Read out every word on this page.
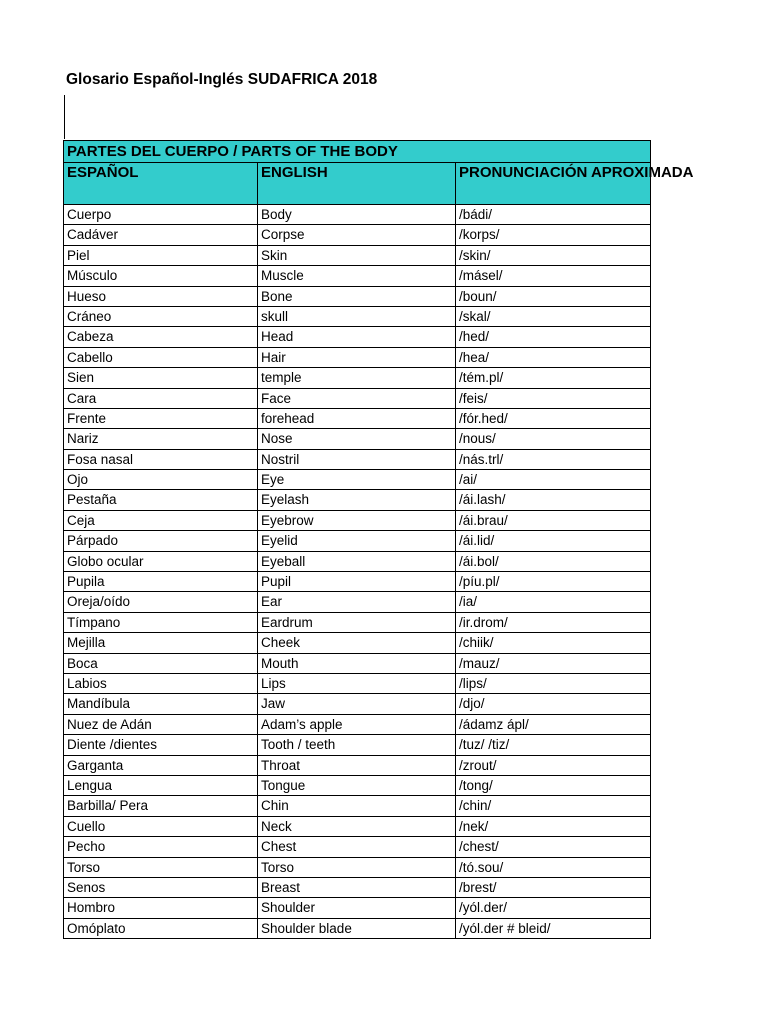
Glosario Español-Inglés SUDAFRICA 2018
PARTES DEL CUERPO / PARTS OF THE BODY		
ESPAÑOL	ENGLISH	PRONUNCIACIÓN APROXIMADA
Cuerpo	Body	/bádi/
Cadáver	Corpse	/korps/
Piel	Skin	/skin/
Músculo	Muscle	/másel/
Hueso	Bone	/boun/
Cráneo	skull	/skal/
Cabeza	Head	/hed/
Cabello	Hair	/hea/
Sien	temple	/tém.pl/
Cara	Face	/feis/
Frente	forehead	/fór.hed/
Nariz	Nose	/nous/
Fosa nasal	Nostril	/nás.trl/
Ojo	Eye	/ai/
Pestaña	Eyelash	/ái.lash/
Ceja	Eyebrow	/ái.brau/
Párpado	Eyelid	/ái.lid/
Globo ocular	Eyeball	/ái.bol/
Pupila	Pupil	/píu.pl/
Oreja/oído	Ear	/ia/
Tímpano	Eardrum	/ir.drom/
Mejilla	Cheek	/chiik/
Boca	Mouth	/mauz/
Labios	Lips	/lips/
Mandíbula	Jaw	/djo/
Nuez de Adán	Adam’s apple	/ádamz ápl/
Diente /dientes	Tooth / teeth	/tuz/ /tiz/
Garganta	Throat	/zrout/
Lengua	Tongue	/tong/
Barbilla/ Pera	Chin	/chin/
Cuello	Neck	/nek/
Pecho	Chest	/chest/
Torso	Torso	/tó.sou/
Senos	Breast	/brest/
Hombro	Shoulder	/yól.der/
Omóplato	Shoulder blade	/yól.der # bleid/
